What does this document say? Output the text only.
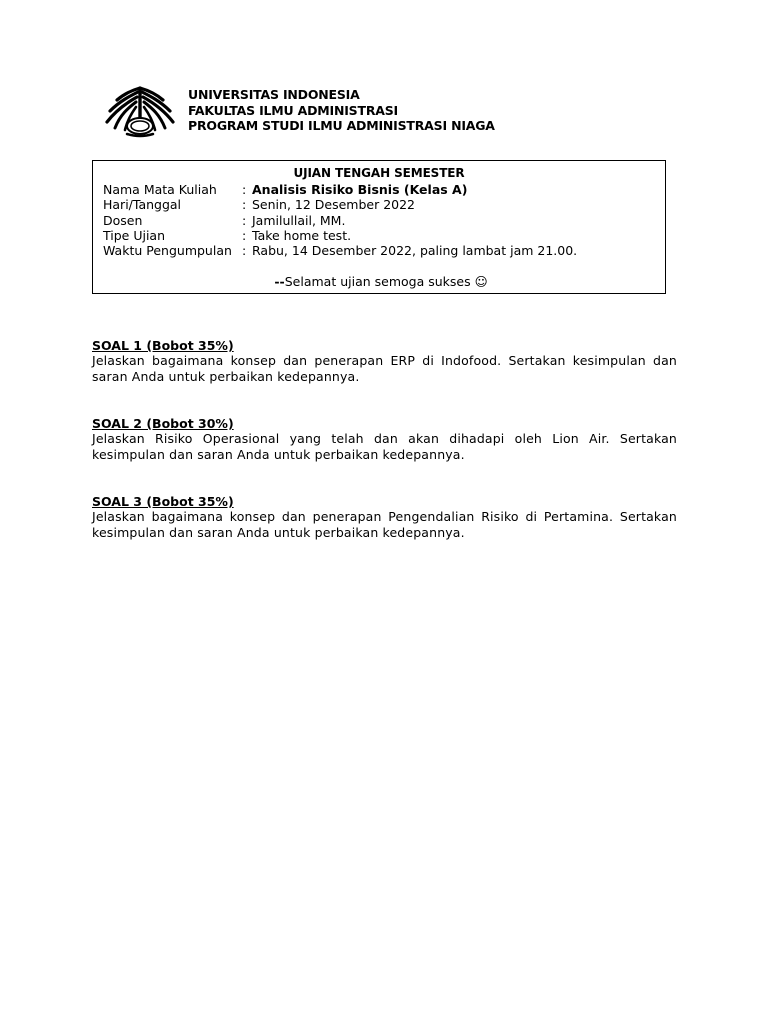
UNIVERSITAS INDONESIA
FAKULTAS ILMU ADMINISTRASI
PROGRAM STUDI ILMU ADMINISTRASI NIAGA
UJIAN TENGAH SEMESTER
Nama Mata Kuliah	: Analisis Risiko Bisnis (Kelas A)
Hari/Tanggal	: Senin, 12 Desember 2022
Dosen	: Jamilullail, MM.
Tipe Ujian	: Take home test.
Waktu Pengumpulan : Rabu, 14 Desember 2022, paling lambat jam 21.00.
--Selamat ujian semoga sukses ☺
SOAL 1 (Bobot 35%)
Jelaskan bagaimana konsep dan penerapan ERP di Indofood. Sertakan kesimpulan dan saran Anda untuk perbaikan kedepannya.
SOAL 2 (Bobot 30%)
Jelaskan Risiko Operasional yang telah dan akan dihadapi oleh Lion Air. Sertakan kesimpulan dan saran Anda untuk perbaikan kedepannya.
SOAL 3 (Bobot 35%)
Jelaskan bagaimana konsep dan penerapan Pengendalian Risiko di Pertamina. Sertakan kesimpulan dan saran Anda untuk perbaikan kedepannya.
